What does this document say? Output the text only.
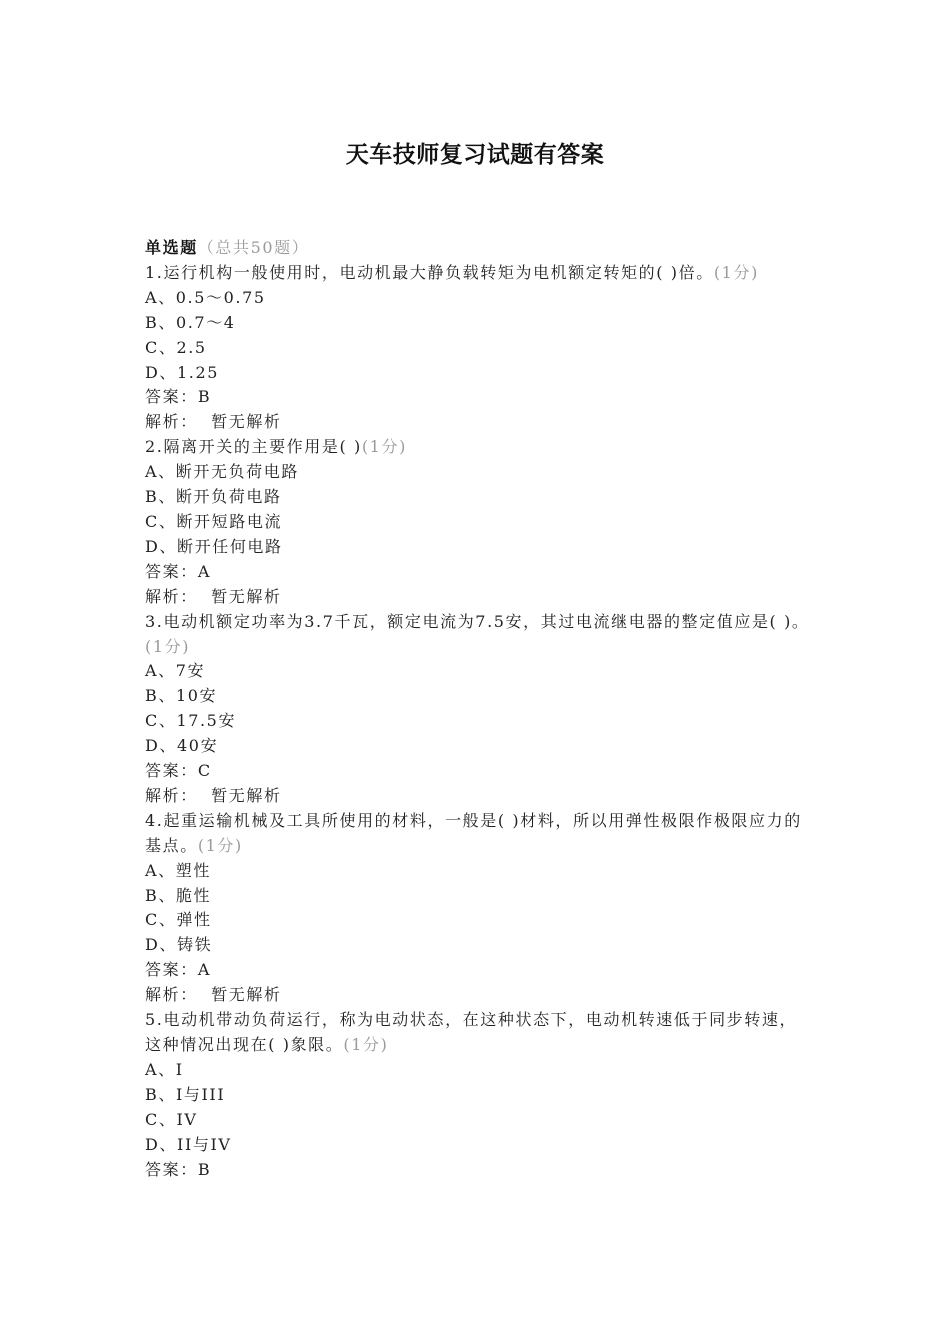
天车技师复习试题有答案

单选题（总共50题）

1.运行机构一般使用时，电动机最大静负载转矩为电机额定转矩的( )倍。(1分)

A、0.5～0.75

B、0.7～4

C、2.5

D、1.25

答案：B

解析： 暂无解析

2.隔离开关的主要作用是( )(1分)

A、断开无负荷电路

B、断开负荷电路

C、断开短路电流

D、断开任何电路

答案：A

解析： 暂无解析

3.电动机额定功率为3.7千瓦，额定电流为7.5安，其过电流继电器的整定值应是( )。(1分)

A、7安

B、10安

C、17.5安

D、40安

答案：C

解析： 暂无解析

4.起重运输机械及工具所使用的材料，一般是( )材料，所以用弹性极限作极限应力的基点。(1分)

A、塑性

B、脆性

C、弹性

D、铸铁

答案：A

解析： 暂无解析

5.电动机带动负荷运行，称为电动状态，在这种状态下，电动机转速低于同步转速，这种情况出现在( )象限。(1分)

A、I

B、I与III

C、IV

D、II与IV

答案：B
